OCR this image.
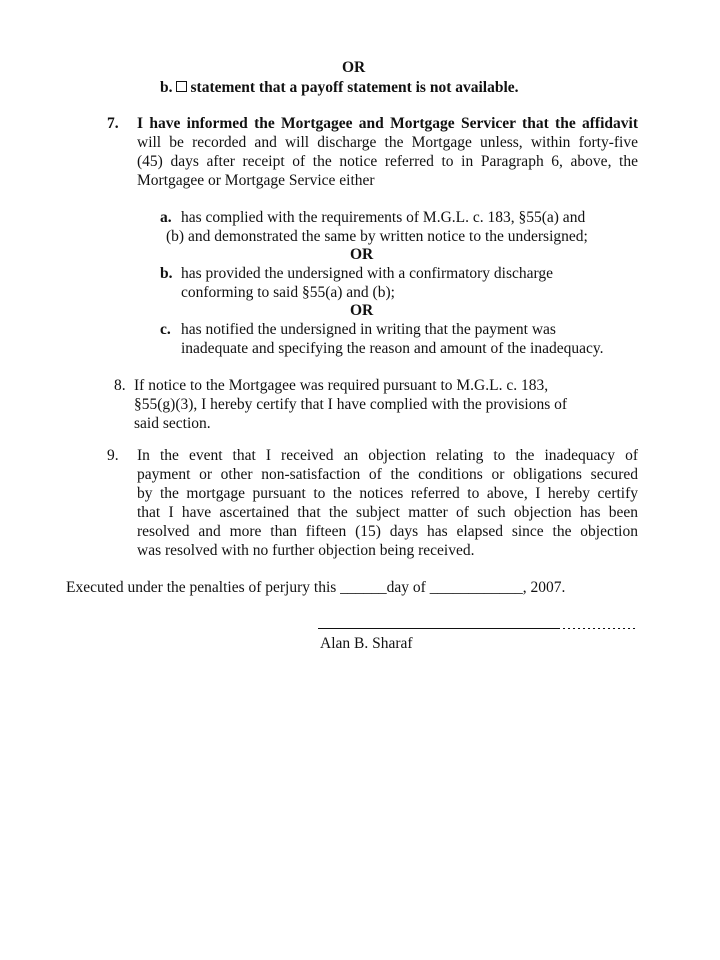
OR
b. statement that a payoff statement is not available.
7. I have informed the Mortgagee and Mortgage Servicer that the affidavit
will be recorded and will discharge the Mortgage unless, within forty-five
(45) days after receipt of the notice referred to in Paragraph 6, above, the
Mortgagee or Mortgage Service either
a. has complied with the requirements of M.G.L. c. 183, §55(a) and
(b) and demonstrated the same by written notice to the undersigned;
OR
b. has provided the undersigned with a confirmatory discharge
conforming to said §55(a) and (b);
OR
c. has notified the undersigned in writing that the payment was
inadequate and specifying the reason and amount of the inadequacy.
8. If notice to the Mortgagee was required pursuant to M.G.L. c. 183,
§55(g)(3), I hereby certify that I have complied with the provisions of
said section.
9. In the event that I received an objection relating to the inadequacy of
payment or other non-satisfaction of the conditions or obligations secured
by the mortgage pursuant to the notices referred to above, I hereby certify
that I have ascertained that the subject matter of such objection has been
resolved and more than fifteen (15) days has elapsed since the objection
was resolved with no further objection being received.
Executed under the penalties of perjury this ______day of ____________, 2007.
Alan B. Sharaf
